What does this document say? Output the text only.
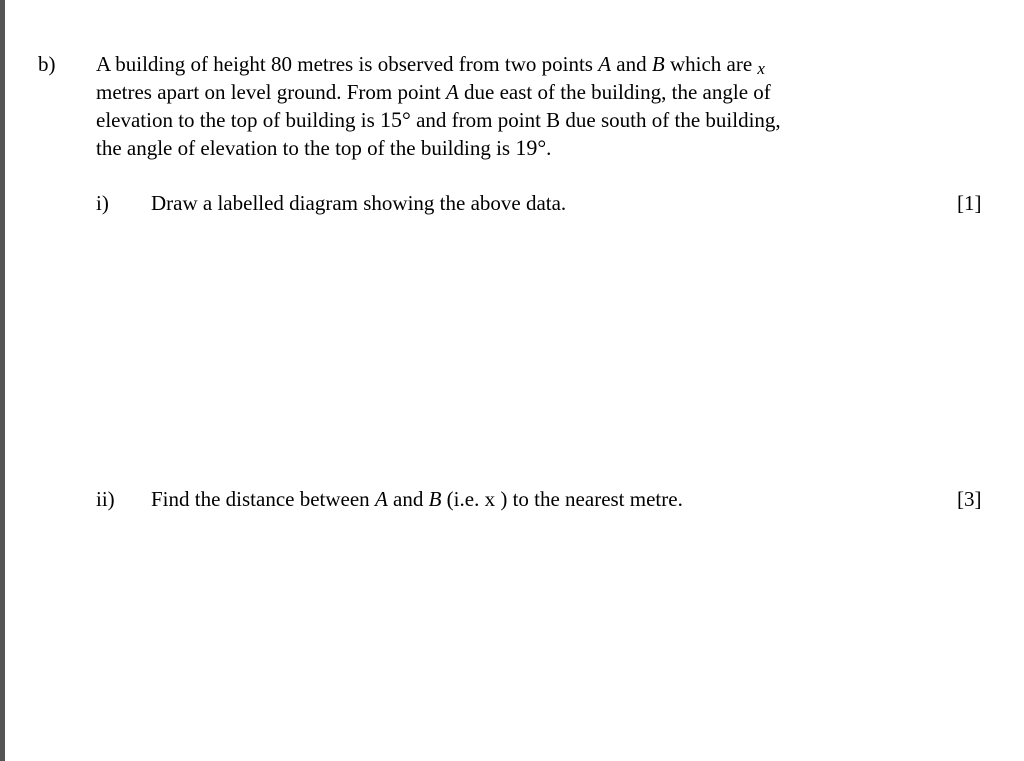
b) A building of height 80 metres is observed from two points A and B which are x
metres apart on level ground. From point A due east of the building, the angle of
elevation to the top of building is 15° and from point B due south of the building,
the angle of elevation to the top of the building is 19°.
i) Draw a labelled diagram showing the above data.	[1]
ii) Find the distance between A and B (i.e. x ) to the nearest metre.	[3]
